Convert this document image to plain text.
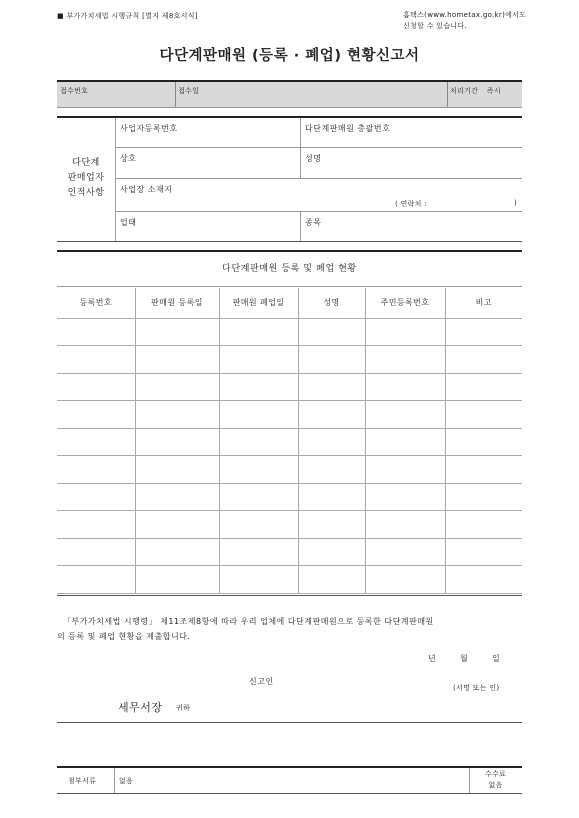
■ 부가가치세법 시행규칙 [별지 제8호서식]	홈택스(www.hometax.go.kr)에서도
신청할 수 있습니다.
다단계판매원 (등록 · 폐업) 현황신고서
접수번호	접수일	처리기간 즉시
다단계
판매업자
인적사항
사업자등록번호	다단계판매원 총괄번호
상호	성명
사업장 소재지
( 연락처 :	)
업태	종목
다단계판매원 등록 및 폐업 현황
등록번호	판매원 등록일	판매원 폐업일	성명	주민등록번호	비고

「부가가치세법 시행령」 제11조제8항에 따라 우리 업체에 다단계판매원으로 등록한 다단계판매원
의 등록 및 폐업 현황을 제출합니다.
년	월	일
신고인
(서명 또는 인)
세무서장 귀하
첨부서류	없음
수수료
없음
